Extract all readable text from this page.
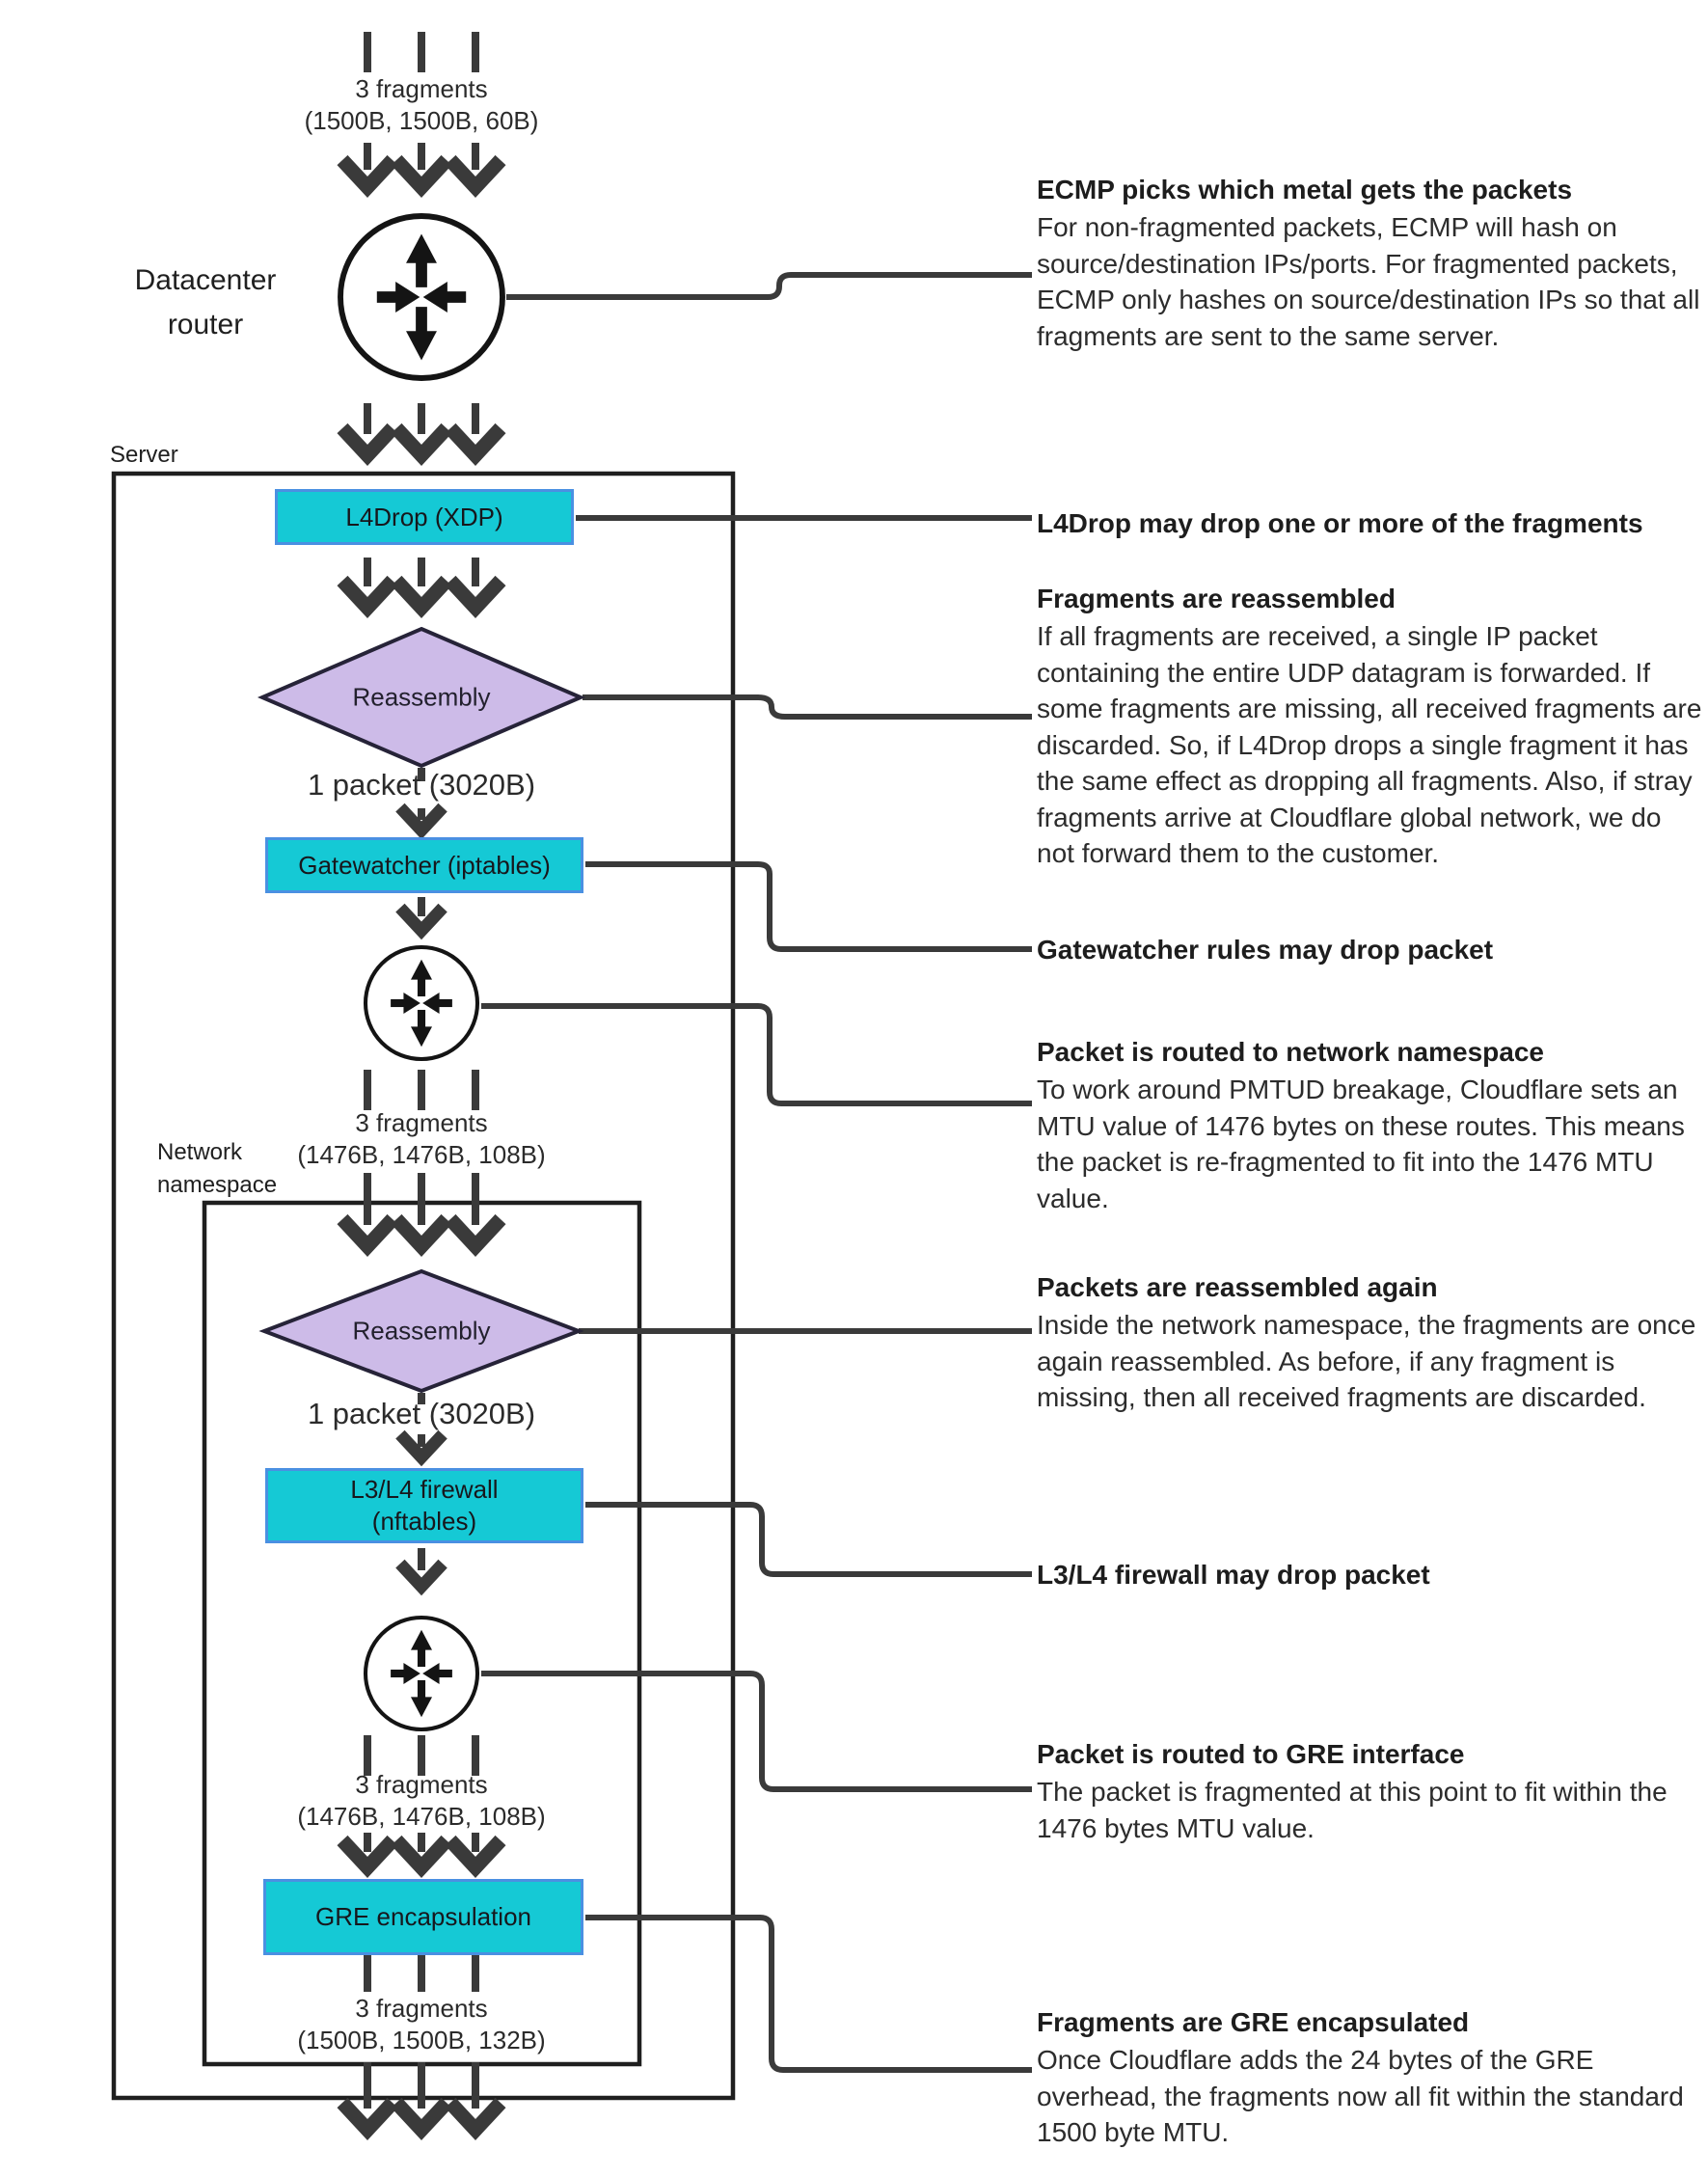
Datacenter
router
Server
Network
namespace
3 fragments
(1500B, 1500B, 60B)
3 fragments
(1476B, 1476B, 108B)
3 fragments
(1476B, 1476B, 108B)
3 fragments
(1500B, 1500B, 132B)
1 packet (3020B)
1 packet (3020B)
L4Drop (XDP)
Gatewatcher (iptables)
L3/L4 firewall
(nftables)
GRE encapsulation
Reassembly
Reassembly
ECMP picks which metal gets the packets
For non-fragmented packets, ECMP will hash on source/destination IPs/ports. For fragmented packets, ECMP only hashes on source/destination IPs so that all fragments are sent to the same server.
L4Drop may drop one or more of the fragments
Fragments are reassembled
If all fragments are received, a single IP packet containing the entire UDP datagram is forwarded. If some fragments are missing, all received fragments are discarded. So, if L4Drop drops a single fragment it has the same effect as dropping all fragments. Also, if stray fragments arrive at Cloudflare global network, we do not forward them to the customer.
Gatewatcher rules may drop packet
Packet is routed to network namespace
To work around PMTUD breakage, Cloudflare sets an MTU value of 1476 bytes on these routes. This means the packet is re-fragmented to fit into the 1476 MTU value.
Packets are reassembled again
Inside the network namespace, the fragments are once again reassembled. As before, if any fragment is missing, then all received fragments are discarded.
L3/L4 firewall may drop packet
Packet is routed to GRE interface
The packet is fragmented at this point to fit within the 1476 bytes MTU value.
Fragments are GRE encapsulated
Once Cloudflare adds the 24 bytes of the GRE overhead, the fragments now all fit within the standard 1500 byte MTU.
